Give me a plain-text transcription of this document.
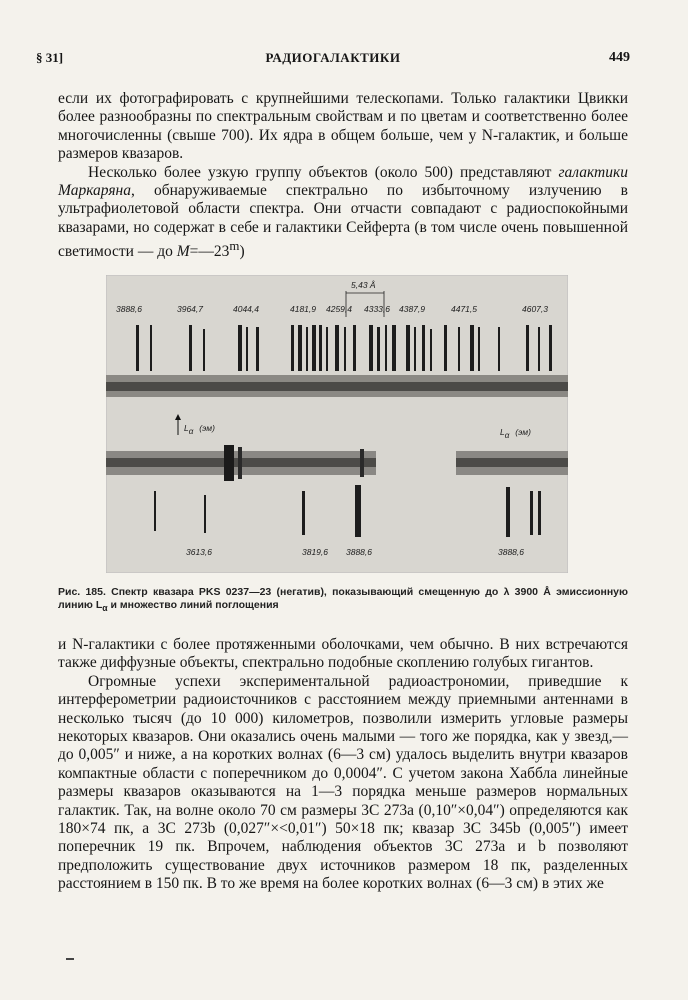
§ 31]	РАДИОГАЛАКТИКИ	449

если их фотографировать с крупнейшими телескопами. Только галактики Цвикки более разнообразны по спектральным свойствам и по цветам и соответственно более многочисленны (свыше 700). Их ядра в общем больше, чем у N-галактик, и больше размеров квазаров.

Несколько более узкую группу объектов (около 500) представляют галактики Маркаряна, обнаруживаемые спектрально по избыточному излучению в ультрафиолетовой области спектра. Они отчасти совпадают с радиоспокойными квазарами, но содержат в себе и галактики Сейферта (в том числе очень повышенной светимости — до $M=—23^m$)

3888,6	3964,7	4044,4	4181,9 4259,4 4333,6 4387,9	4471,5	4607,3
5,43 Å
Lα (эм)	Lα (эм)
3613,6	3819,6 3888,6	3888,6
Рис. 185. Спектр квазара PKS 0237—23 (негатив), показывающий смещенную до λ 3900 Å эмиссионную линию $L_\alpha$ и множество линий поглощения

и N-галактики с более протяженными оболочками, чем обычно. В них встречаются также диффузные объекты, спектрально подобные скоплению голубых гигантов.

Огромные успехи экспериментальной радиоастрономии, приведшие к интерферометрии радиоисточников с расстоянием между приемными антеннами в несколько тысяч (до 10 000) километров, позволили измерить угловые размеры некоторых квазаров. Они оказались очень малыми — того же порядка, как у звезд,— до 0,005″ и ниже, а на коротких волнах (6—3 см) удалось выделить внутри квазаров компактные области с поперечником до 0,0004″. С учетом закона Хаббла линейные размеры квазаров оказываются на 1—3 порядка меньше размеров нормальных галактик. Так, на волне около 70 см размеры 3С 273a (0,10″×0,04″) определяются как 180×74 пк, а 3С 273b (0,027″×<0,01″) 50×18 пк; квазар 3С 345b (0,005″) имеет поперечник 19 пк. Впрочем, наблюдения объектов 3С 273a и b позволяют предположить существование двух источников размером 18 пк, разделенных расстоянием в 150 пк. В то же время на более коротких волнах (6—3 см) в этих же
